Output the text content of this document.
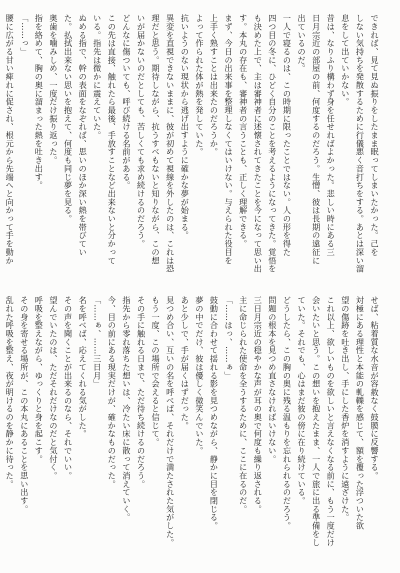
できれば、見て見ぬ振りをしたまま眠ってしまいたかった。己を
しない気持ちを発散するために行儀悪く音打ちをする。あとは深い溜
息をして出ていかない。
昔は、なりふり構わず身を任せればよかった。悲しい時にある三
日月宗近の部屋の前、何度するのだろう。生憎、彼は長期の遠征に
出ているのだ。
一人で寝るのは、この時期に限ったことではない。人の形を得た
四つ目の冬に、ひどく自分のことを考えるようになってきた。覚悟を
も決めた上で、主は審神者に述懐されてきたことを今になって思い出
す。本丸の存在も、審神者の言うことも、正しく理解できる。
まず、今日の出来事を整理しなくてはいけない。与えられた役目を
上手く熟すことは出来たのだろうか。
よって作られた体が熱を発していた。
抗いようのない現状から逃げ出すように確かな夢が始まる。
異変を直視できないままに、彼が初めて視線を外したのは、これは恐
理だと思う。期待しながら、抗うすべもないと知りながら、この想
いが届かないのだとしても、苦しくても求め続けるのだろう。
どんなに傷ついても、呼び続ける名前がある。
この先は直接、触れたら最後、手放すことなど出来ないと分かって
いる。指先は微かに震えていた。
ぬめる指で、幹の表面をなぞれば、思いのほか深い熱を帯びてい
た。払拭出来ない思いを抱えて、何度も同じ夢を見る。
奥歯を噛みしめ、一度だけ振り返った。
指を絡めて、胸の奥に溜まった熱を吐き出す。
「……っ」
腰に広がる甘い痺れに促され、根元から先端へと向かって手を動か
せば、粘着質な水音が容赦なく鼓膜に反響する。
対極にある理性と本能の軋轢を感じて、額を覆った浮ついた欲
望の傷跡を吐き出し、手にした香炉を消すように遠ざけた。
これ以上、欲しいものを欲しいと言えなくなる前に、もう一度だけ
会いたいと思う。この想いを抱えたまま、一人で旅に出る準備をし
ていた。それでも、心はまだ彼の傍に在り続けている。
どうしたら、この胸の奥に残る温もりを忘れられるのだろう。
問題の根本を見つめ直さなければいけない。
三日月宗近の穏やかな声が耳の奥で何度も繰り返される。
主に命じられた使命を全うするために、ここに在るのだ。
「……はっ、……ぁ」
鼓動に合わせて揺れる影を見つめながら、静かに目を閉じる。
夢の中でだけ、彼は優しく微笑んでいた。
あと少しで、手が届くはずだった。
見つめ合い、互いの名を呼べば、それだけで満たされた気がした。
もう一度、この場所で会えると信じて。
その手に触れる日まで、ただ待ち続けるのだろう。
指先から零れ落ちた想いは、冷たい床に散って消えていく。
今、目の前にある現実だけが、確かなものだった。
「……ぁ、……三日月」
名を呼べば、応えてくれる気がした。
その声を聞くことが出来るのなら、それでいい。
望んでいたのは、ただそれだけなのだと気付く。
呼吸を整えながら、ゆっくりと身を起こす。
その身を寄せる場所が、この本丸にあることを思い出す。
乱れた呼吸を整え、夜が明けるのを静かに待った。
